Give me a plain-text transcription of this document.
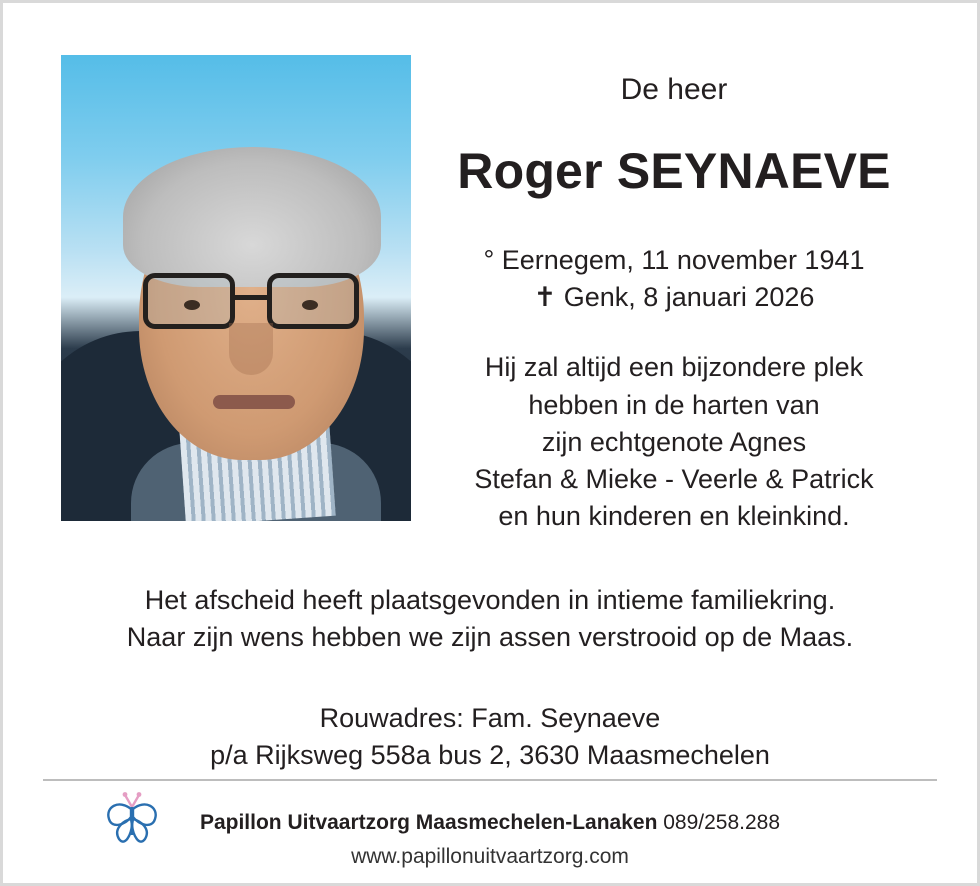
De heer
Roger SEYNAEVE
° Eernegem, 11 november 1941
✝ Genk, 8 januari 2026
Hij zal altijd een bijzondere plek
hebben in de harten van
zijn echtgenote Agnes
Stefan & Mieke - Veerle & Patrick
en hun kinderen en kleinkind.
Het afscheid heeft plaatsgevonden in intieme familiekring.
Naar zijn wens hebben we zijn assen verstrooid op de Maas.
Rouwadres: Fam. Seynaeve
p/a Rijksweg 558a bus 2, 3630 Maasmechelen
Papillon Uitvaartzorg Maasmechelen-Lanaken 089/258.288
www.papillonuitvaartzorg.com
